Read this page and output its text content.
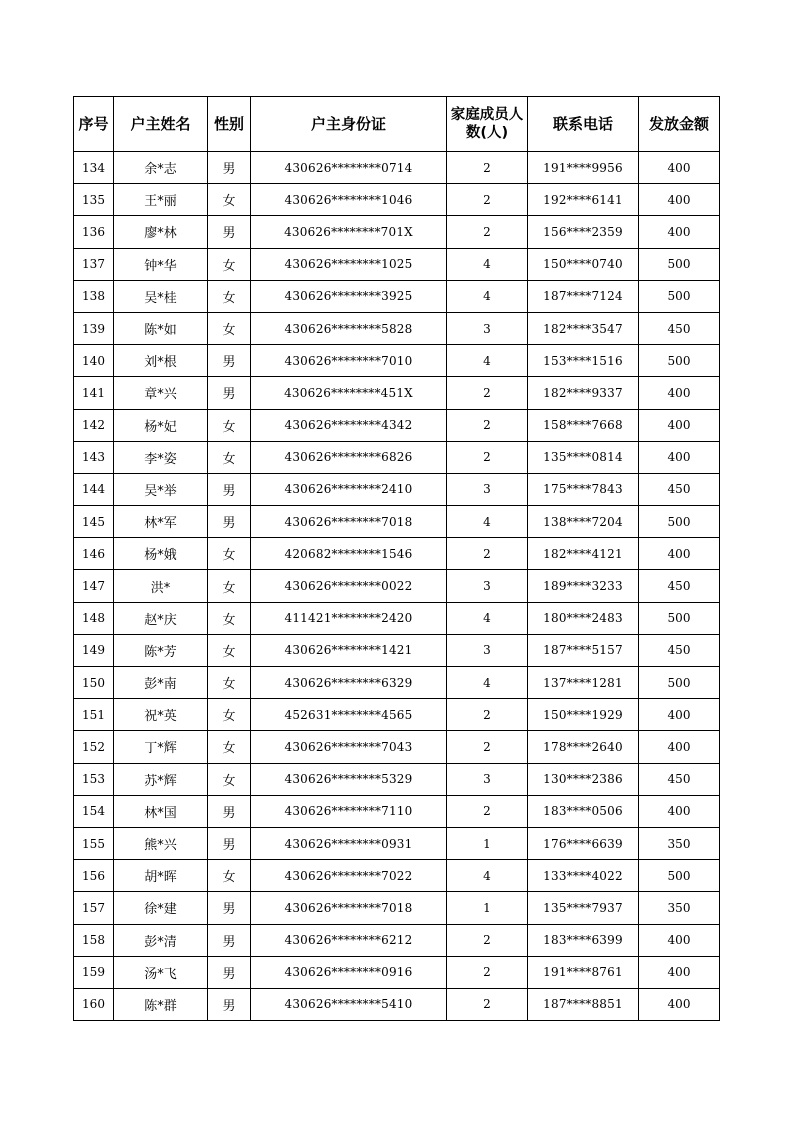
序号	户主姓名	性别	户主身份证	家庭成员人数(人)	联系电话	发放金额
134	余*志	男	430626********0714	2	191****9956	400
135	王*丽	女	430626********1046	2	192****6141	400
136	廖*林	男	430626********701X	2	156****2359	400
137	钟*华	女	430626********1025	4	150****0740	500
138	吴*桂	女	430626********3925	4	187****7124	500
139	陈*如	女	430626********5828	3	182****3547	450
140	刘*根	男	430626********7010	4	153****1516	500
141	章*兴	男	430626********451X	2	182****9337	400
142	杨*妃	女	430626********4342	2	158****7668	400
143	李*姿	女	430626********6826	2	135****0814	400
144	吴*举	男	430626********2410	3	175****7843	450
145	林*军	男	430626********7018	4	138****7204	500
146	杨*娥	女	420682********1546	2	182****4121	400
147	洪*	女	430626********0022	3	189****3233	450
148	赵*庆	女	411421********2420	4	180****2483	500
149	陈*芳	女	430626********1421	3	187****5157	450
150	彭*南	女	430626********6329	4	137****1281	500
151	祝*英	女	452631********4565	2	150****1929	400
152	丁*辉	女	430626********7043	2	178****2640	400
153	苏*辉	女	430626********5329	3	130****2386	450
154	林*国	男	430626********7110	2	183****0506	400
155	熊*兴	男	430626********0931	1	176****6639	350
156	胡*晖	女	430626********7022	4	133****4022	500
157	徐*建	男	430626********7018	1	135****7937	350
158	彭*清	男	430626********6212	2	183****6399	400
159	汤*飞	男	430626********0916	2	191****8761	400
160	陈*群	男	430626********5410	2	187****8851	400
